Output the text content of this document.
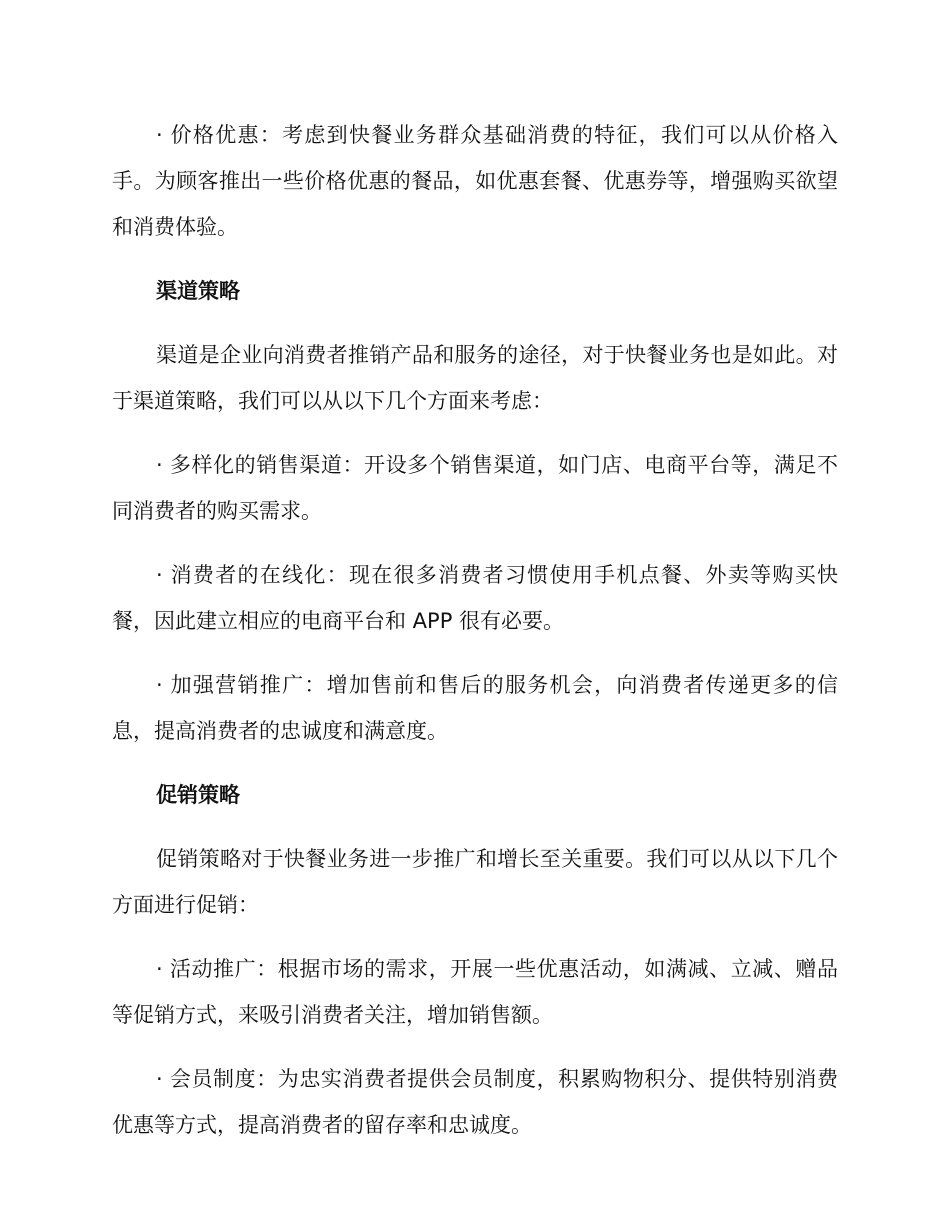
· 价格优惠：考虑到快餐业务群众基础消费的特征，我们可以从价格入手。为顾客推出一些价格优惠的餐品，如优惠套餐、优惠券等，增强购买欲望和消费体验。

渠道策略

渠道是企业向消费者推销产品和服务的途径，对于快餐业务也是如此。对于渠道策略，我们可以从以下几个方面来考虑：

· 多样化的销售渠道：开设多个销售渠道，如门店、电商平台等，满足不同消费者的购买需求。

· 消费者的在线化：现在很多消费者习惯使用手机点餐、外卖等购买快餐，因此建立相应的电商平台和 APP 很有必要。

· 加强营销推广：增加售前和售后的服务机会，向消费者传递更多的信息，提高消费者的忠诚度和满意度。

促销策略

促销策略对于快餐业务进一步推广和增长至关重要。我们可以从以下几个方面进行促销：

· 活动推广：根据市场的需求，开展一些优惠活动，如满减、立减、赠品等促销方式，来吸引消费者关注，增加销售额。

· 会员制度：为忠实消费者提供会员制度，积累购物积分、提供特别消费优惠等方式，提高消费者的留存率和忠诚度。
